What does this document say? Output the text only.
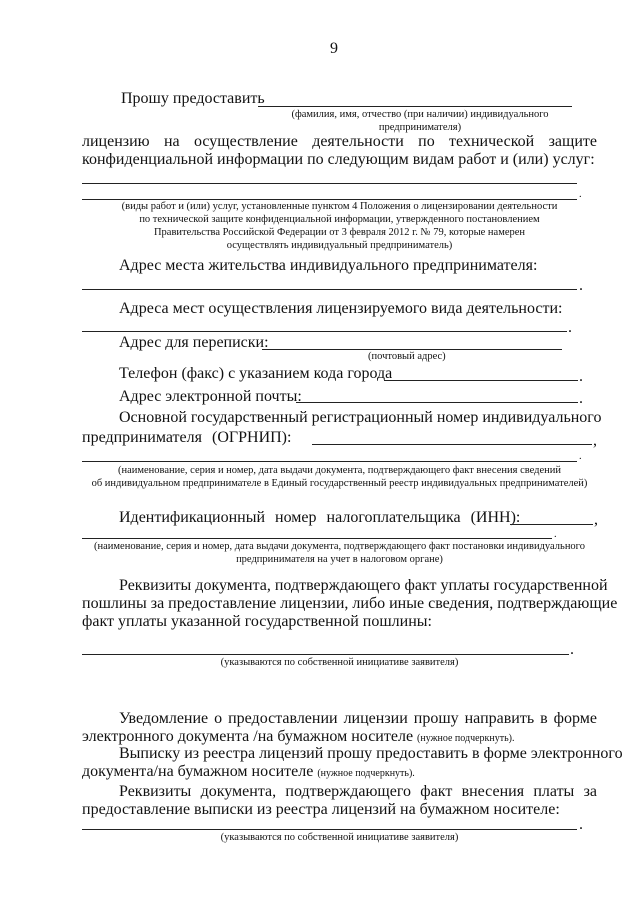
9
Прошу предоставить
(фамилия, имя, отчество (при наличии) индивидуального
предпринимателя)
лицензию на осуществление деятельности по технической защите
конфиденциальной информации по следующим видам работ и (или) услуг:
.
(виды работ и (или) услуг, установленные пунктом 4 Положения о лицензировании деятельности
по технической защите конфиденциальной информации, утвержденного постановлением
Правительства Российской Федерации от 3 февраля 2012 г. № 79, которые намерен
осуществлять индивидуальный предприниматель)
Адрес места жительства индивидуального предпринимателя:
.
Адреса мест осуществления лицензируемого вида деятельности:
.
Адрес для переписки:
(почтовый адрес)
Телефон (факс) с указанием кода города	.
Адрес электронной почты:	.
Основной государственный регистрационный номер индивидуального
предпринимателя (ОГРНИП):	,
.
(наименование, серия и номер, дата выдачи документа, подтверждающего факт внесения сведений
об индивидуальном предпринимателе в Единый государственный реестр индивидуальных предпринимателей)
Идентификационный номер налогоплательщика (ИНН):	,
.
(наименование, серия и номер, дата выдачи документа, подтверждающего факт постановки индивидуального
предпринимателя на учет в налоговом органе)
Реквизиты документа, подтверждающего факт уплаты государственной
пошлины за предоставление лицензии, либо иные сведения, подтверждающие
факт уплаты указанной государственной пошлины:
.
(указываются по собственной инициативе заявителя)
Уведомление о предоставлении лицензии прошу направить в форме
электронного документа /на бумажном носителе (нужное подчеркнуть).
Выписку из реестра лицензий прошу предоставить в форме электронного
документа/на бумажном носителе (нужное подчеркнуть).
Реквизиты документа, подтверждающего факт внесения платы за
предоставление выписки из реестра лицензий на бумажном носителе:
.
(указываются по собственной инициативе заявителя)
